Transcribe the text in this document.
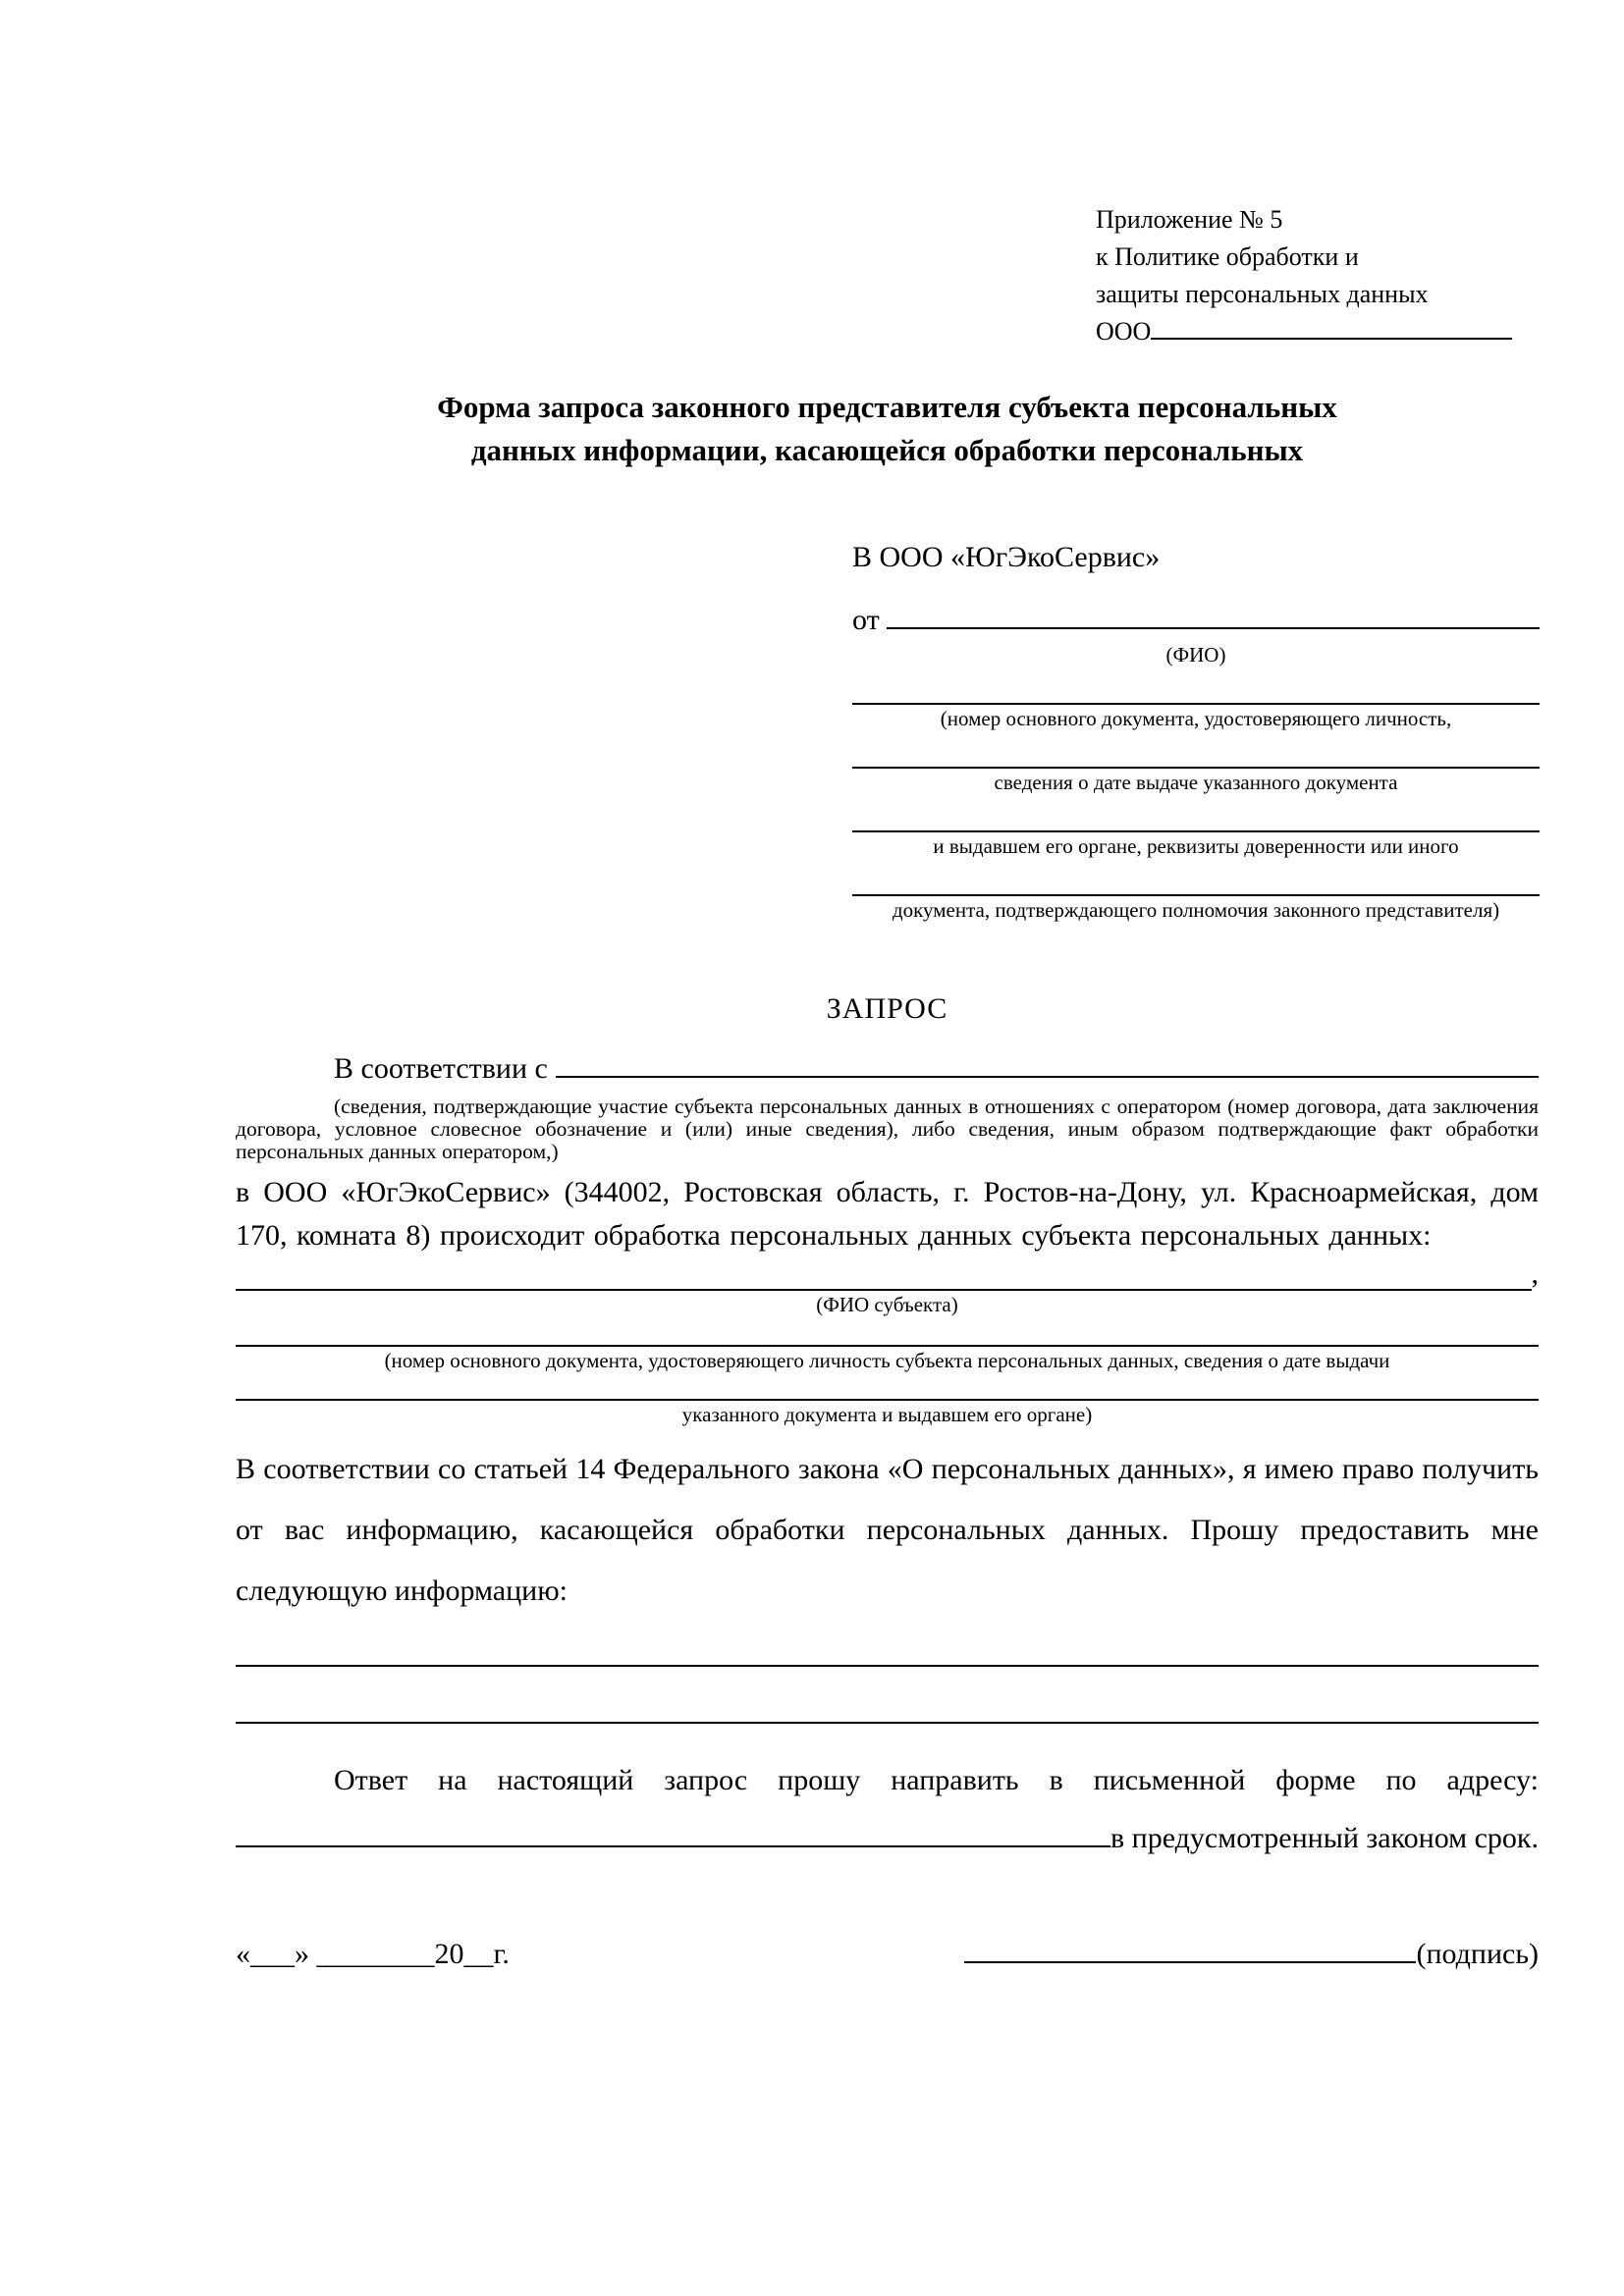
Приложение № 5
к Политике обработки и
защиты персональных данных
ООО
Форма запроса законного представителя субъекта персональных
данных информации, касающейся обработки персональных
В ООО «ЮгЭкоСервис»
от

(ФИО)
(номер основного документа, удостоверяющего личность,
сведения о дате выдаче указанного документа
и выдавшем его органе, реквизиты доверенности или иного
документа, подтверждающего полномочия законного представителя)
ЗАПРОС
В соответствии с
(сведения, подтверждающие участие субъекта персональных данных в отношениях с оператором (номер договора, дата заключения договора, условное словесное обозначение и (или) иные сведения), либо сведения, иным образом подтверждающие факт обработки персональных данных оператором,)
в ООО «ЮгЭкоСервис» (344002, Ростовская область, г. Ростов-на-Дону, ул. Красноармейская, дом 170, комната 8) происходит обработка персональных данных субъекта персональных данных:
,
(ФИО субъекта)
(номер основного документа, удостоверяющего личность субъекта персональных данных, сведения о дате выдачи
указанного документа и выдавшем его органе)
В соответствии со статьей 14 Федерального закона «О персональных данных», я имею право получить от вас информацию, касающейся обработки персональных данных. Прошу предоставить мне следующую информацию:
Ответ на настоящий запрос прошу направить в письменной форме по адресу:
в предусмотренный законом срок.
«___» ________20__г.	(подпись)
